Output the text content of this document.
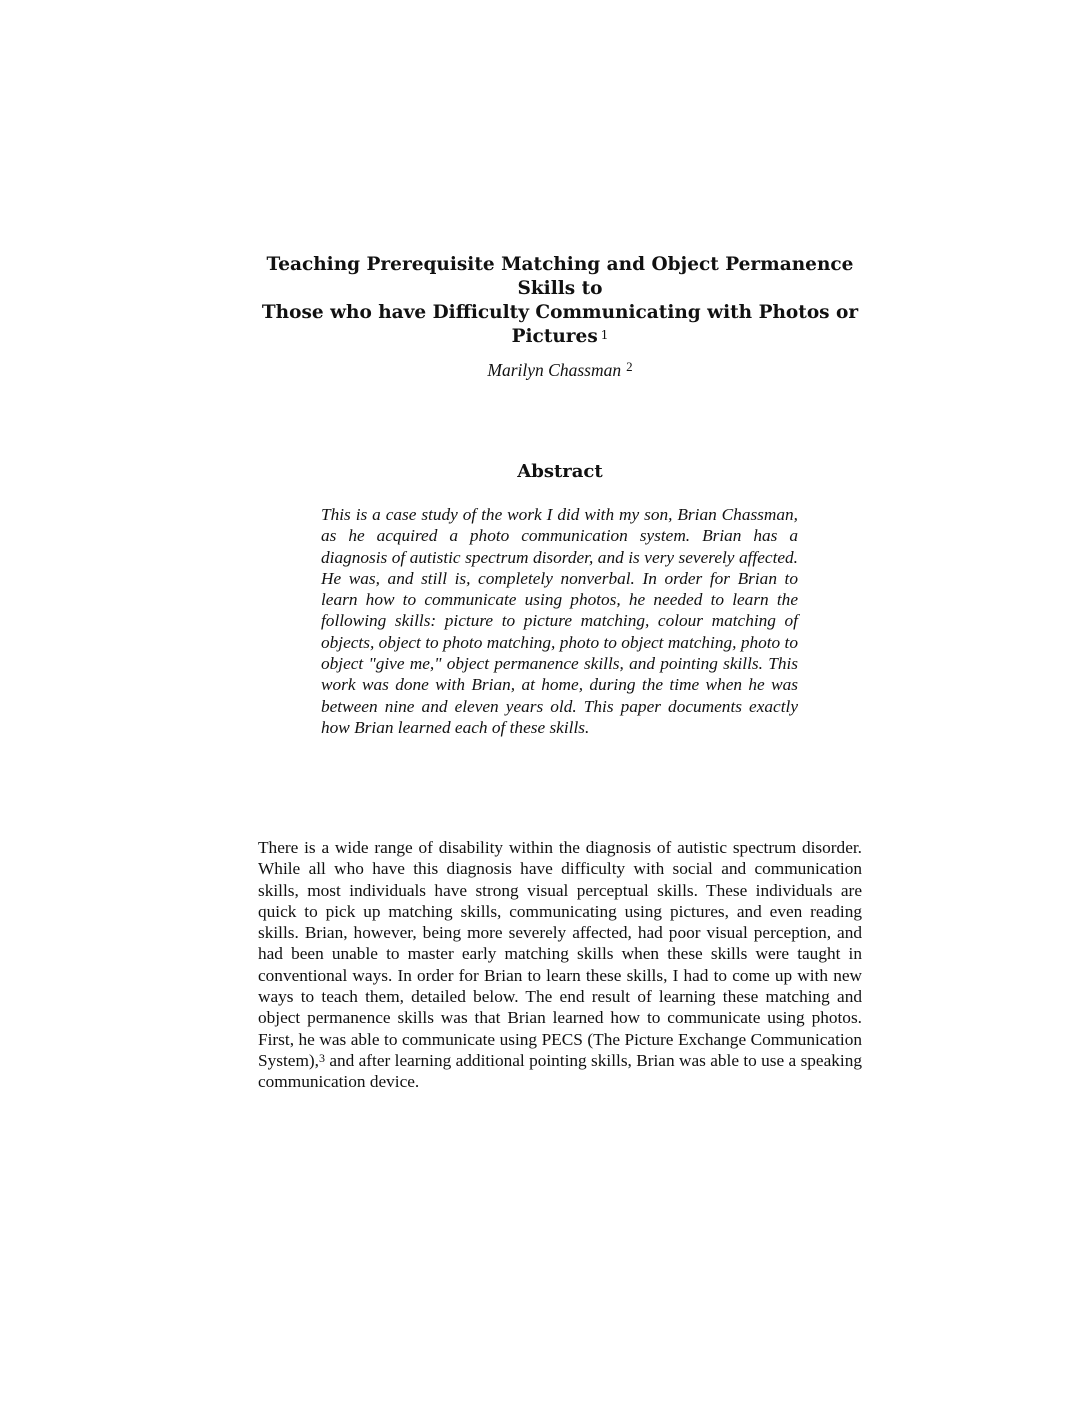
Teaching Prerequisite Matching and Object Permanence Skills to
Those who have Difficulty Communicating with Photos or
Pictures $^1$
Marilyn Chassman $^2$
Abstract

This is a case study of the work I did with my son, Brian Chassman, as he acquired a photo communication system. Brian has a diagnosis of autistic spectrum disorder, and is very severely affected. He was, and still is, completely nonverbal. In order for Brian to learn how to communicate using photos, he needed to learn the following skills: picture to picture matching, colour matching of objects, object to photo matching, photo to object matching, photo to object "give me," object permanence skills, and pointing skills. This work was done with Brian, at home, during the time when he was between nine and eleven years old. This paper documents exactly how Brian learned each of these skills.

There is a wide range of disability within the diagnosis of autistic spectrum disorder. While all who have this diagnosis have difficulty with social and communication skills, most individuals have strong visual perceptual skills. These individuals are quick to pick up matching skills, communicating using pictures, and even reading skills. Brian, however, being more severely affected, had poor visual perception, and had been unable to master early matching skills when these skills were taught in conventional ways. In order for Brian to learn these skills, I had to come up with new ways to teach them, detailed below. The end result of learning these matching and object permanence skills was that Brian learned how to communicate using photos. First, he was able to communicate using PECS (The Picture Exchange Communication System),$^3$ and after learning additional pointing skills, Brian was able to use a speaking communication device.
